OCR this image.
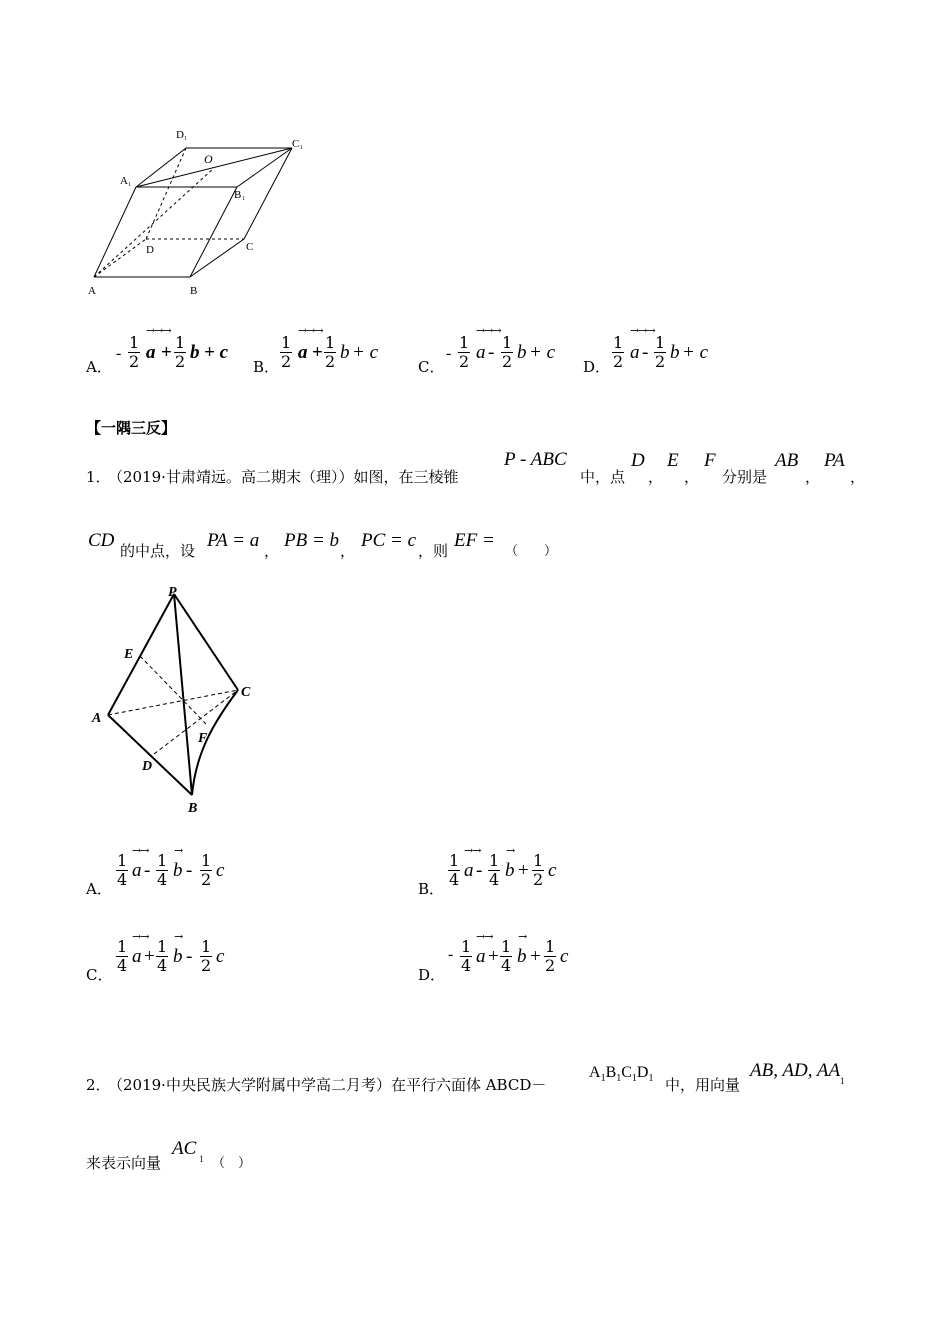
A	B
C
D
A 1
B 1
C 1
D 1
O
A．
- $\frac{1}{2}$
→→→
$a + \frac{1}{2}$ b + c
B． $\frac{1}{2}$
→→→
$a + \frac{1}{2}$ b + c
C．
- $\frac{1}{2}$
→→→
a - $\frac{1}{2}$ b + c
D． $\frac{1}{2}$
→→→
a - $\frac{1}{2}$ b + c
【一隅三反】
1．
（2019·甘肃靖远。高二期末（理））如图，在三棱锥
P - ABC
中，点
D
，
E
，
F
分别是
AB
，
PA
，
CD 的中点，设 PA = a ， PB = b ， PC = c ，则 EF =
（　　）
P
E
A
C
F
D
B
A． $\frac{1}{4}$
→→
a - $\frac{1}{4}$
→
b - $\frac{1}{2}$ c
B． $\frac{1}{4}$
→→
a - $\frac{1}{4}$
→
$b + \frac{1}{2}$ c
C． $\frac{1}{4}$
→→
$a + \frac{1}{4}$
→
b - $\frac{1}{2}$ c
D．
- $\frac{1}{4}$
→→
$a + \frac{1}{4}$
→
$b + \frac{1}{2}$ c
2．
（2019·中央民族大学附属中学高二月考）在平行六面体 ABCD－
$A_1B_1C_1D_1$ 中，用向量
AB, AD, AA 1
来表示向量
AC 1 （　）
